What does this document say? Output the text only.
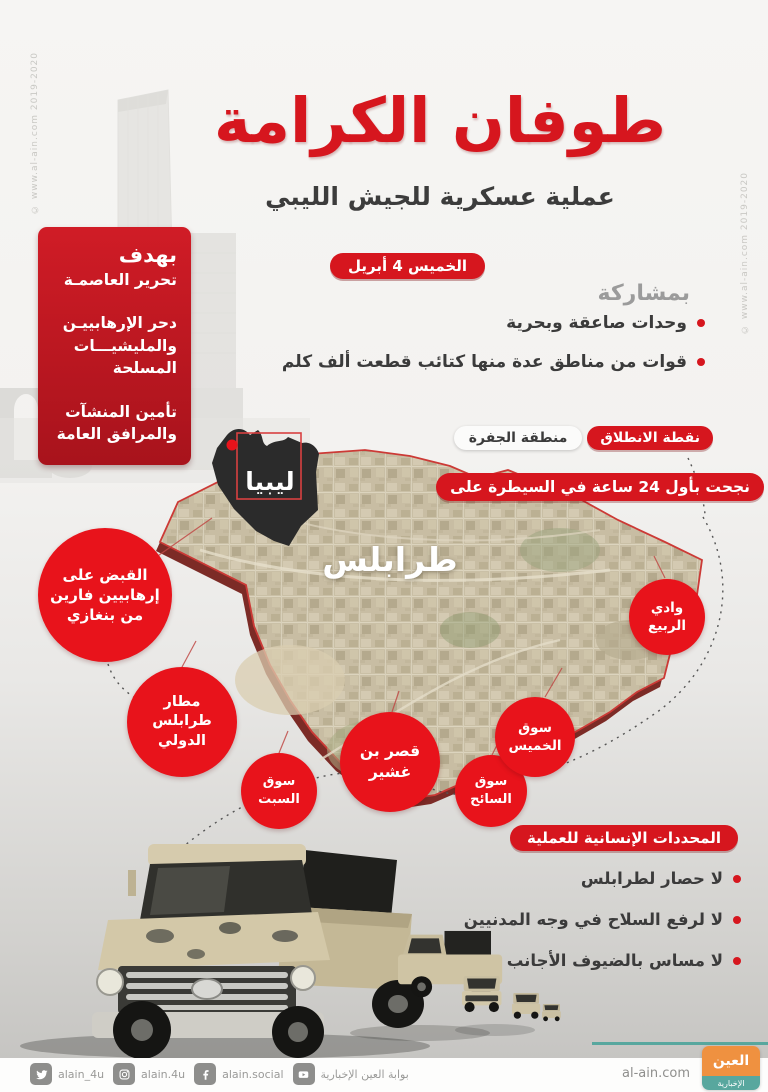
© www.al-ain.com 2019-2020
© www.al-ain.com 2019-2020
طوفان الكرامة
عملية عسكرية للجيش الليبي
الخميس 4 أبريل
بهدف
تحرير العاصمـة
دحر الإرهابييـن والمليشيـــات المسلحة
تأمين المنشآت والمرافق العامة
بمشاركة
وحدات صاعقة وبحرية
قوات من مناطق عدة منها كتائب قطعت ألف كلم
نقطة الانطلاق
منطقة الجفرة
نجحت بأول 24 ساعة في السيطرة على
ليبيا
طرابلس
القبض على إرهابيين فارين من بنغازي
مطار طرابلس الدولي
سوق السبت
قصر بن غشير
سوق السائح
سوق الخميس
وادي الربيع
المحددات الإنسانية للعملية
لا حصار لطرابلس
لا لرفع السلاح في وجه المدنيين
لا مساس بالضيوف الأجانب
alain_4u	alain.4u	alain.social	بوابة العين الإخبارية	al-ain.com
العين
الإخبارية
